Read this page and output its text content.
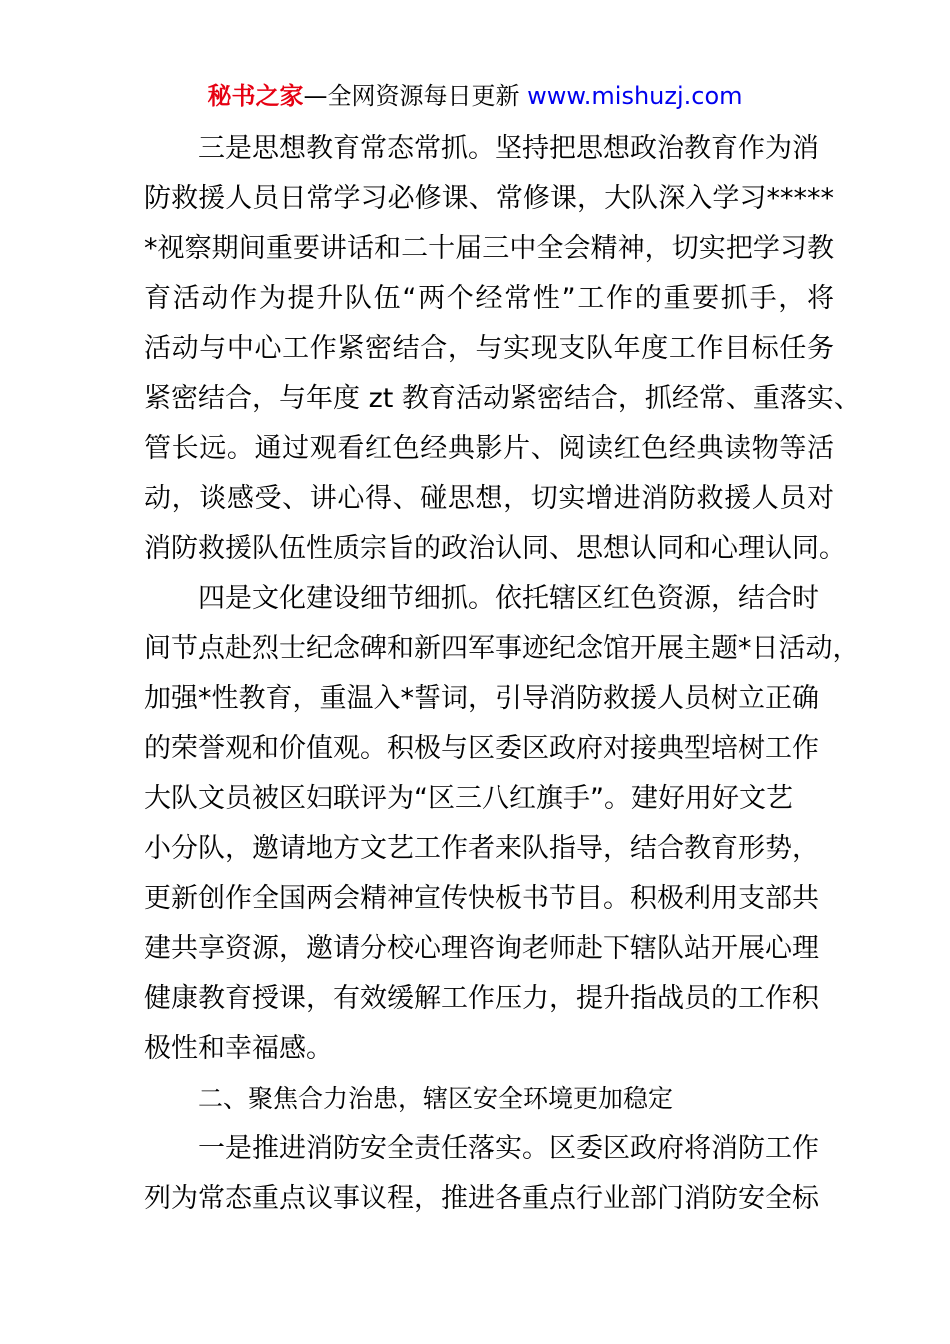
秘书之家—全网资源每日更新 www.mishuzj.com
三是思想教育常态常抓。坚持把思想政治教育作为消
防救援人员日常学习必修课、常修课，大队深入学习*****
*视察期间重要讲话和二十届三中全会精神，切实把学习教
育活动作为提升队伍“两个经常性”工作的重要抓手，将
活动与中心工作紧密结合，与实现支队年度工作目标任务
紧密结合，与年度 zt 教育活动紧密结合，抓经常、重落实、
管长远。通过观看红色经典影片、阅读红色经典读物等活
动，谈感受、讲心得、碰思想，切实增进消防救援人员对
消防救援队伍性质宗旨的政治认同、思想认同和心理认同。
四是文化建设细节细抓。依托辖区红色资源，结合时
间节点赴烈士纪念碑和新四军事迹纪念馆开展主题*日活动，
加强*性教育，重温入*誓词，引导消防救援人员树立正确
的荣誉观和价值观。积极与区委区政府对接典型培树工作
大队文员被区妇联评为“区三八红旗手”。建好用好文艺
小分队，邀请地方文艺工作者来队指导，结合教育形势，
更新创作全国两会精神宣传快板书节目。积极利用支部共
建共享资源，邀请分校心理咨询老师赴下辖队站开展心理
健康教育授课，有效缓解工作压力，提升指战员的工作积
极性和幸福感。
二、聚焦合力治患，辖区安全环境更加稳定
一是推进消防安全责任落实。区委区政府将消防工作
列为常态重点议事议程，推进各重点行业部门消防安全标
